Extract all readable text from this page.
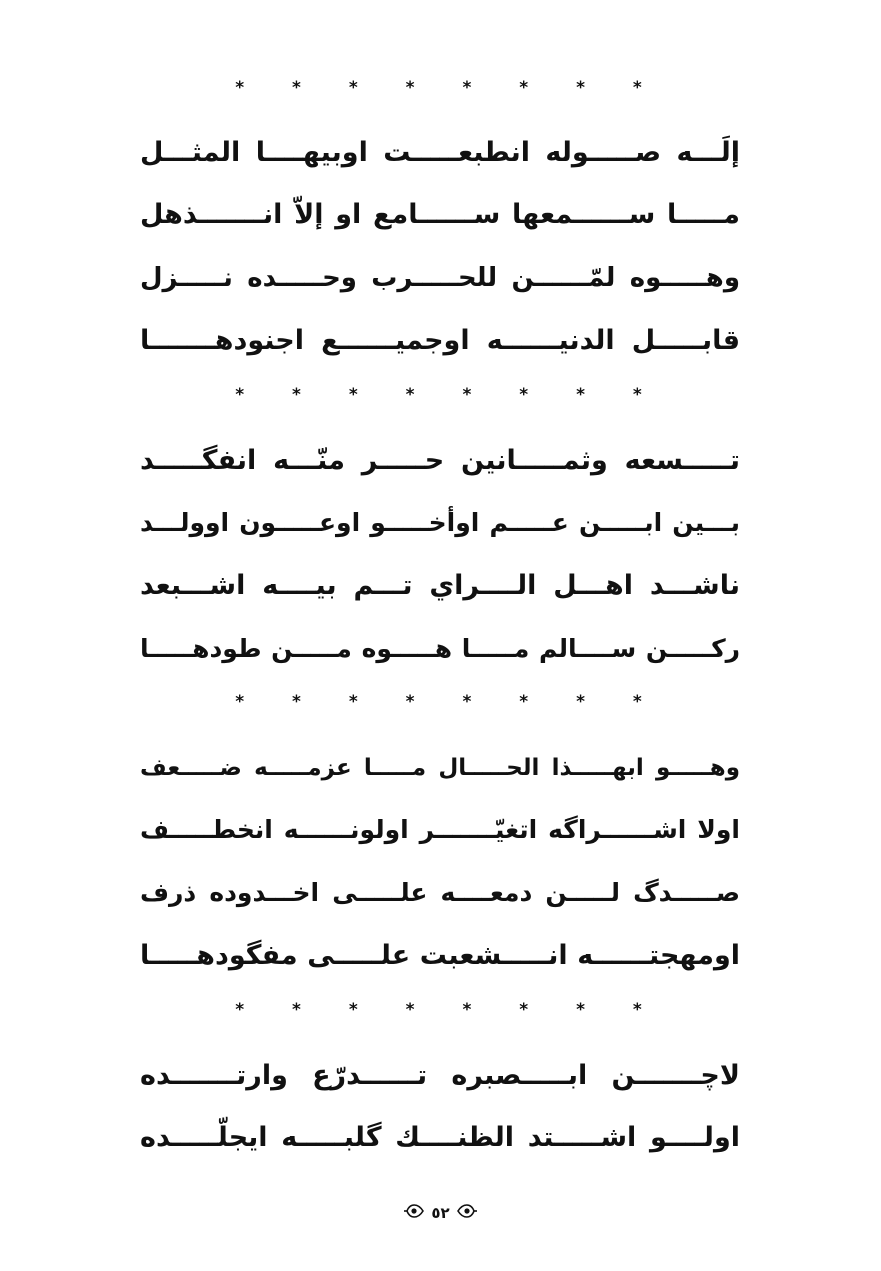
* * * * * * * *
إلَـــه صـــــوله انطبعـــــت اوبيهــــا المثـــل
مـــــا ســــــمعها ســــــامع او إلاّ انـــــــذهل
وهـــــوه لمّــــــن للحـــــرب وحـــــده نـــــزل
قابـــــل الدنيــــــه اوجميــــــع اجنودهـــــــا
* * * * * * * *
تـــــسعه وثمـــــانين حـــــر منّـــه انفگـــــد
بـــين ابـــــن عـــــم اوأخـــــو اوعـــــون اوولـــد
ناشـــد اهـــل الــــراي تـــم بيــــه اشـــبعد
ركـــــن ســــالم مـــــا هـــــوه مـــــن طودهـــــا
* * * * * * * *
وهـــــو ابهـــــذا الحـــــال مـــــا عزمـــــه ضـــــعف
اولا اشــــــراگه اتغيّـــــــر اولونــــــه انخطـــــف
صـــــدگ لـــــن دمعــــه علـــــى اخـــدوده ذرف
اومهجتــــــه انـــــشعبت علـــــى مفگودهـــــا
* * * * * * * *
لاچـــــــن ابـــــصبره تــــــدرّع وارتـــــــده
اولــــو اشـــــتد الظنــــك گلبـــــه ايجلّـــــده
٥٢
